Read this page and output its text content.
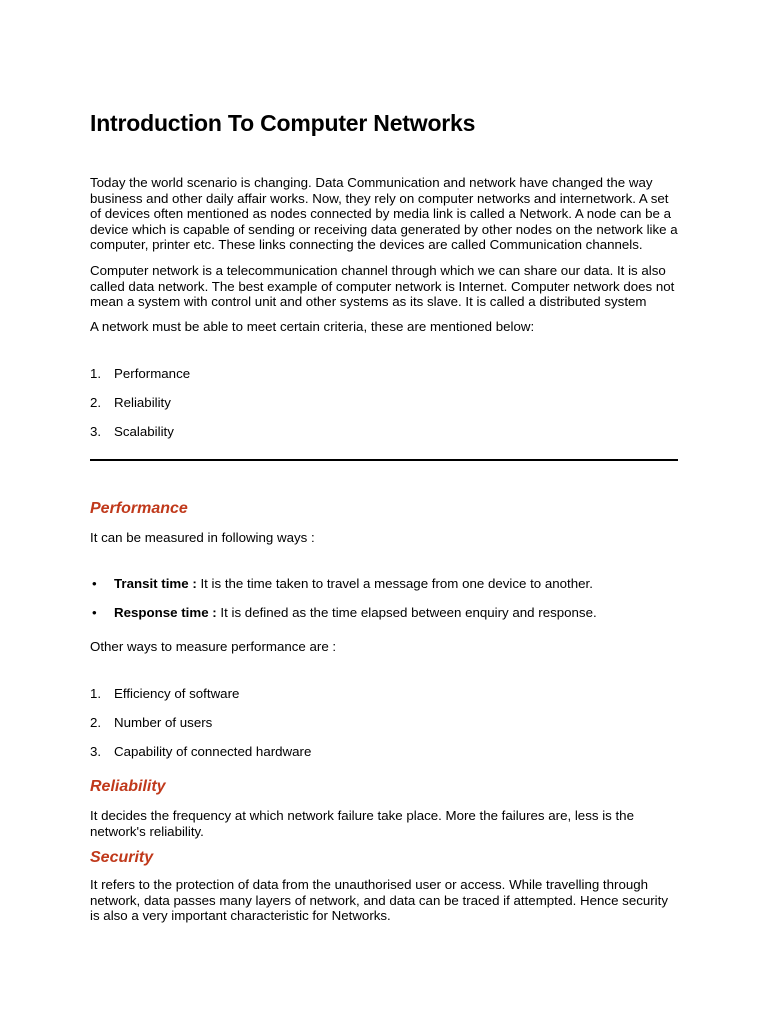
Introduction To Computer Networks

Today the world scenario is changing. Data Communication and network have changed the way business and other daily affair works. Now, they rely on computer networks and internetwork. A set of devices often mentioned as nodes connected by media link is called a Network. A node can be a device which is capable of sending or receiving data generated by other nodes on the network like a computer, printer etc. These links connecting the devices are called Communication channels.

Computer network is a telecommunication channel through which we can share our data. It is also called data network. The best example of computer network is Internet. Computer network does not mean a system with control unit and other systems as its slave. It is called a distributed system

A network must be able to meet certain criteria, these are mentioned below:

1. Performance
2. Reliability
3. Scalability
Performance

It can be measured in following ways :

• Transit time : It is the time taken to travel a message from one device to another.
• Response time : It is defined as the time elapsed between enquiry and response.

Other ways to measure performance are :

1. Efficiency of software
2. Number of users
3. Capability of connected hardware
Reliability

It decides the frequency at which network failure take place. More the failures are, less is the network's reliability.

Security

It refers to the protection of data from the unauthorised user or access. While travelling through network, data passes many layers of network, and data can be traced if attempted. Hence security is also a very important characteristic for Networks.
